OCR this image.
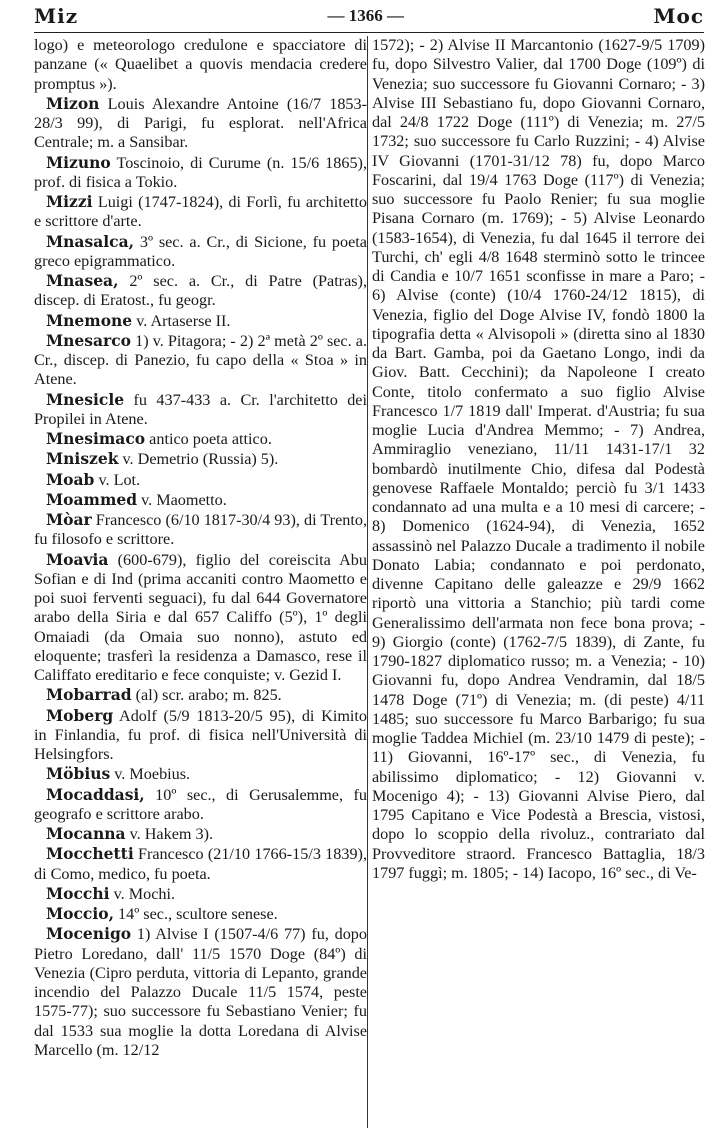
Miz	— 1366 —	Moc

logo) e meteorologo credulone e spacciatore di panzane (« Quaelibet a quovis mendacia credere promptus »).

Mizon Louis Alexandre Antoine (16/7 1853-28/3 99), di Parigi, fu esplorat. nell'Africa Centrale; m. a Sansibar.

Mizuno Toscinoio, di Curume (n. 15/6 1865), prof. di fisica a Tokio.

Mizzi Luigi (1747-1824), di Forlì, fu architetto e scrittore d'arte.

Mnasalca, 3º sec. a. Cr., di Sicione, fu poeta greco epigrammatico.

Mnasea, 2º sec. a. Cr., di Patre (Patras), discep. di Eratost., fu geogr.

Mnemone v. Artaserse II.

Mnesarco 1) v. Pitagora; - 2) 2ª metà 2º sec. a. Cr., discep. di Panezio, fu capo della « Stoa » in Atene.

Mnesicle fu 437-433 a. Cr. l'architetto dei Propilei in Atene.

Mnesimaco antico poeta attico.

Mniszek v. Demetrio (Russia) 5).

Moab v. Lot.

Moammed v. Maometto.

Mòar Francesco (6/10 1817-30/4 93), di Trento, fu filosofo e scrittore.

Moavia (600-679), figlio del coreiscita Abu Sofian e di Ind (prima accaniti contro Maometto e poi suoi ferventi seguaci), fu dal 644 Governatore arabo della Siria e dal 657 Califfo (5º), 1º degli Omaiadi (da Omaia suo nonno), astuto ed eloquente; trasferì la residenza a Damasco, rese il Califfato ereditario e fece conquiste; v. Gezid I.

Mobarrad (al) scr. arabo; m. 825.

Moberg Adolf (5/9 1813-20/5 95), di Kimito in Finlandia, fu prof. di fisica nell'Università di Helsingfors.

Möbius v. Moebius.

Mocaddasi, 10º sec., di Gerusalemme, fu geografo e scrittore arabo.

Mocanna v. Hakem 3).

Mocchetti Francesco (21/10 1766-15/3 1839), di Como, medico, fu poeta.

Mocchi v. Mochi.

Moccio, 14º sec., scultore senese.

Mocenigo 1) Alvise I (1507-4/6 77) fu, dopo Pietro Loredano, dall' 11/5 1570 Doge (84º) di Venezia (Cipro perduta, vittoria di Lepanto, grande incendio del Palazzo Ducale 11/5 1574, peste 1575-77); suo successore fu Sebastiano Venier; fu dal 1533 sua moglie la dotta Loredana di Alvise Marcello (m. 12/12

1572); - 2) Alvise II Marcantonio (1627-9/5 1709) fu, dopo Silvestro Valier, dal 1700 Doge (109º) di Venezia; suo successore fu Giovanni Cornaro; - 3) Alvise III Sebastiano fu, dopo Giovanni Cornaro, dal 24/8 1722 Doge (111º) di Venezia; m. 27/5 1732; suo successore fu Carlo Ruzzini; - 4) Alvise IV Giovanni (1701-31/12 78) fu, dopo Marco Foscarini, dal 19/4 1763 Doge (117º) di Venezia; suo successore fu Paolo Renier; fu sua moglie Pisana Cornaro (m. 1769); - 5) Alvise Leonardo (1583-1654), di Venezia, fu dal 1645 il terrore dei Turchi, ch' egli 4/8 1648 sterminò sotto le trincee di Candia e 10/7 1651 sconfisse in mare a Paro; - 6) Alvise (conte) (10/4 1760-24/12 1815), di Venezia, figlio del Doge Alvise IV, fondò 1800 la tipografia detta « Alvisopoli » (diretta sino al 1830 da Bart. Gamba, poi da Gaetano Longo, indi da Giov. Batt. Cecchini); da Napoleone I creato Conte, titolo confermato a suo figlio Alvise Francesco 1/7 1819 dall' Imperat. d'Austria; fu sua moglie Lucia d'Andrea Memmo; - 7) Andrea, Ammiraglio veneziano, 11/11 1431-17/1 32 bombardò inutilmente Chio, difesa dal Podestà genovese Raffaele Montaldo; perciò fu 3/1 1433 condannato ad una multa e a 10 mesi di carcere; - 8) Domenico (1624-94), di Venezia, 1652 assassinò nel Palazzo Ducale a tradimento il nobile Donato Labia; condannato e poi perdonato, divenne Capitano delle galeazze e 29/9 1662 riportò una vittoria a Stanchio; più tardi come Generalissimo dell'armata non fece bona prova; - 9) Giorgio (conte) (1762-7/5 1839), di Zante, fu 1790-1827 diplomatico russo; m. a Venezia; - 10) Giovanni fu, dopo Andrea Vendramin, dal 18/5 1478 Doge (71º) di Venezia; m. (di peste) 4/11 1485; suo successore fu Marco Barbarigo; fu sua moglie Taddea Michiel (m. 23/10 1479 di peste); - 11) Giovanni, 16º-17º sec., di Venezia, fu abilissimo diplomatico; - 12) Giovanni v. Mocenigo 4); - 13) Giovanni Alvise Piero, dal 1795 Capitano e Vice Podestà a Brescia, vistosi, dopo lo scoppio della rivoluz., contrariato dal Provveditore straord. Francesco Battaglia, 18/3 1797 fuggì; m. 1805; - 14) Iacopo, 16º sec., di Ve-
